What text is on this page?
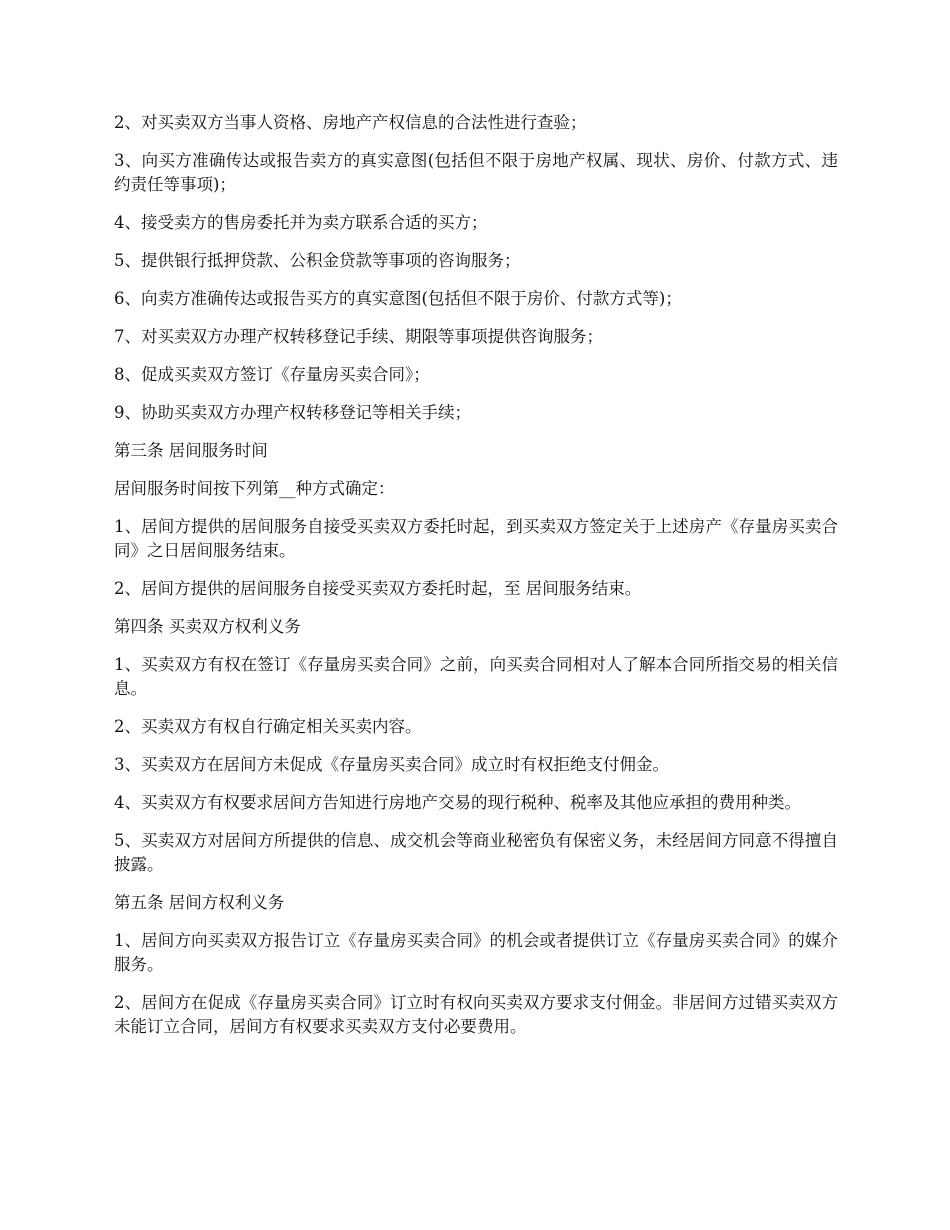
2、对买卖双方当事人资格、房地产产权信息的合法性进行查验；

3、向买方准确传达或报告卖方的真实意图(包括但不限于房地产权属、现状、房价、付款方式、违约责任等事项)；

4、接受卖方的售房委托并为卖方联系合适的买方；

5、提供银行抵押贷款、公积金贷款等事项的咨询服务；

6、向卖方准确传达或报告买方的真实意图(包括但不限于房价、付款方式等)；

7、对买卖双方办理产权转移登记手续、期限等事项提供咨询服务；

8、促成买卖双方签订《存量房买卖合同》；

9、协助买卖双方办理产权转移登记等相关手续；

第三条 居间服务时间

居间服务时间按下列第__种方式确定：

1、居间方提供的居间服务自接受买卖双方委托时起，到买卖双方签定关于上述房产《存量房买卖合同》之日居间服务结束。

2、居间方提供的居间服务自接受买卖双方委托时起，至 居间服务结束。

第四条 买卖双方权利义务

1、买卖双方有权在签订《存量房买卖合同》之前，向买卖合同相对人了解本合同所指交易的相关信息。

2、买卖双方有权自行确定相关买卖内容。

3、买卖双方在居间方未促成《存量房买卖合同》成立时有权拒绝支付佣金。

4、买卖双方有权要求居间方告知进行房地产交易的现行税种、税率及其他应承担的费用种类。

5、买卖双方对居间方所提供的信息、成交机会等商业秘密负有保密义务，未经居间方同意不得擅自披露。

第五条 居间方权利义务

1、居间方向买卖双方报告订立《存量房买卖合同》的机会或者提供订立《存量房买卖合同》的媒介服务。

2、居间方在促成《存量房买卖合同》订立时有权向买卖双方要求支付佣金。非居间方过错买卖双方未能订立合同，居间方有权要求买卖双方支付必要费用。
